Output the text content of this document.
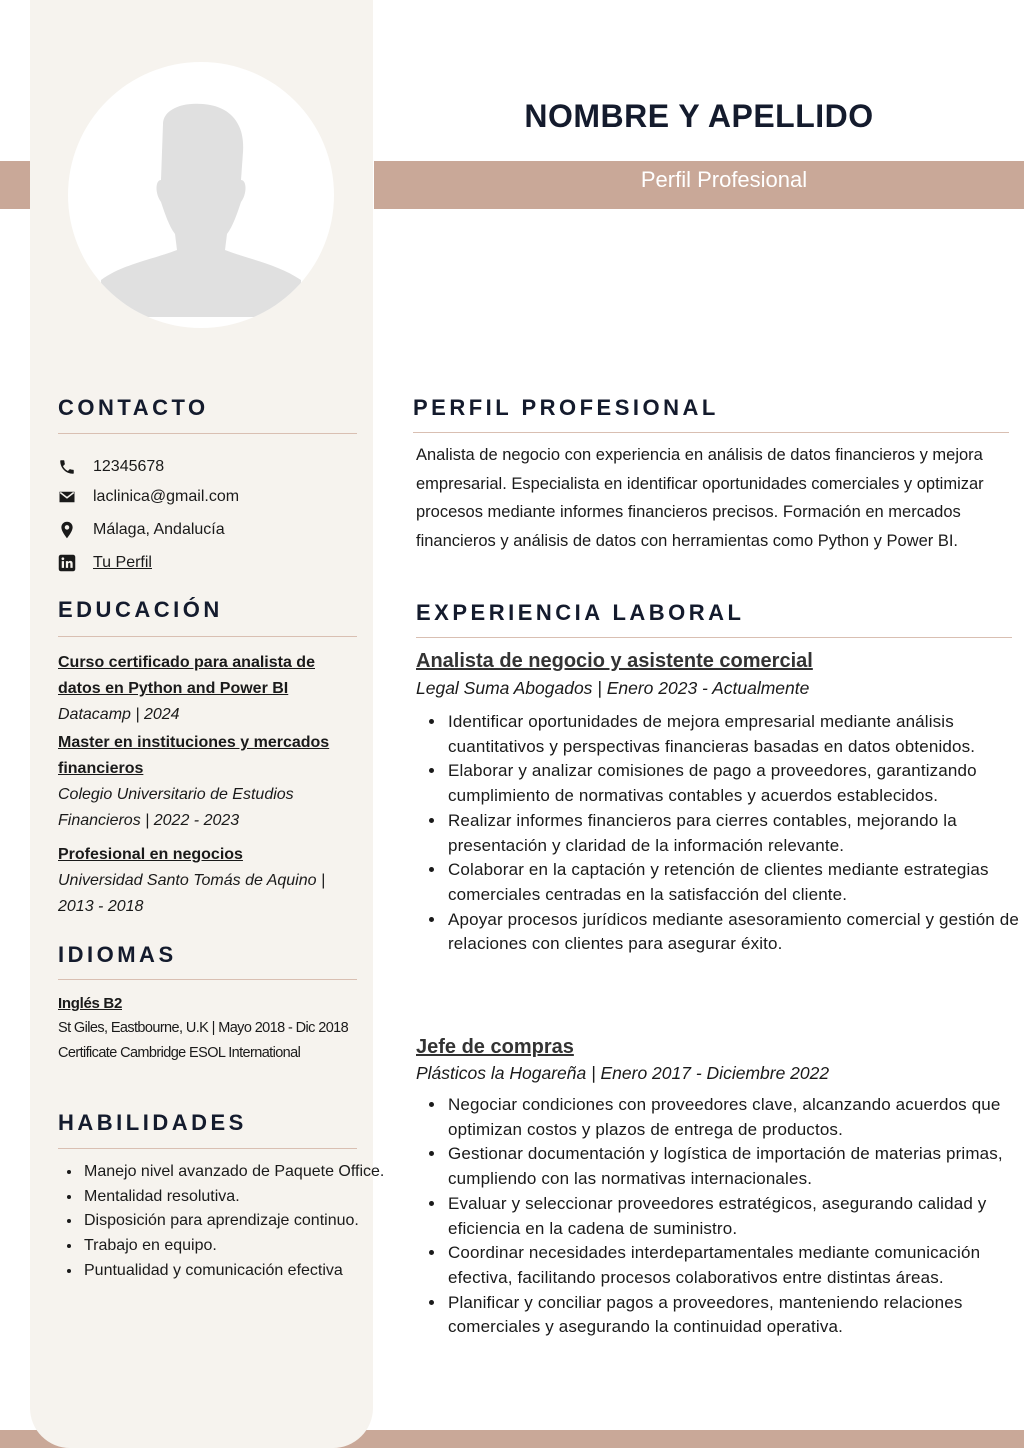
NOMBRE Y APELLIDO
Perfil Profesional
CONTACTO
12345678
laclinica@gmail.com
Málaga, Andalucía
Tu Perfil
EDUCACIÓN
Curso certificado para analista de datos en Python and Power BI
Datacamp | 2024
Master en instituciones y mercados financieros
Colegio Universitario de Estudios Financieros | 2022 - 2023
Profesional en negocios
Universidad Santo Tomás de Aquino | 2013 - 2018
IDIOMAS
Inglés B2
St Giles, Eastbourne, U.K | Mayo 2018 - Dic 2018
Certificate Cambridge ESOL International
HABILIDADES
• Manejo nivel avanzado de Paquete Office.
• Mentalidad resolutiva.
• Disposición para aprendizaje continuo.
• Trabajo en equipo.
• Puntualidad y comunicación efectiva
PERFIL PROFESIONAL
Analista de negocio con experiencia en análisis de datos financieros y mejora empresarial. Especialista en identificar oportunidades comerciales y optimizar procesos mediante informes financieros precisos. Formación en mercados financieros y análisis de datos con herramientas como Python y Power BI.
EXPERIENCIA LABORAL
Analista de negocio y asistente comercial
Legal Suma Abogados | Enero 2023 - Actualmente
• Identificar oportunidades de mejora empresarial mediante análisis cuantitativos y perspectivas financieras basadas en datos obtenidos.
• Elaborar y analizar comisiones de pago a proveedores, garantizando cumplimiento de normativas contables y acuerdos establecidos.
• Realizar informes financieros para cierres contables, mejorando la presentación y claridad de la información relevante.
• Colaborar en la captación y retención de clientes mediante estrategias comerciales centradas en la satisfacción del cliente.
• Apoyar procesos jurídicos mediante asesoramiento comercial y gestión de relaciones con clientes para asegurar éxito.
Jefe de compras
Plásticos la Hogareña | Enero 2017 - Diciembre 2022
• Negociar condiciones con proveedores clave, alcanzando acuerdos que optimizan costos y plazos de entrega de productos.
• Gestionar documentación y logística de importación de materias primas, cumpliendo con las normativas internacionales.
• Evaluar y seleccionar proveedores estratégicos, asegurando calidad y eficiencia en la cadena de suministro.
• Coordinar necesidades interdepartamentales mediante comunicación efectiva, facilitando procesos colaborativos entre distintas áreas.
• Planificar y conciliar pagos a proveedores, manteniendo relaciones comerciales y asegurando la continuidad operativa.
